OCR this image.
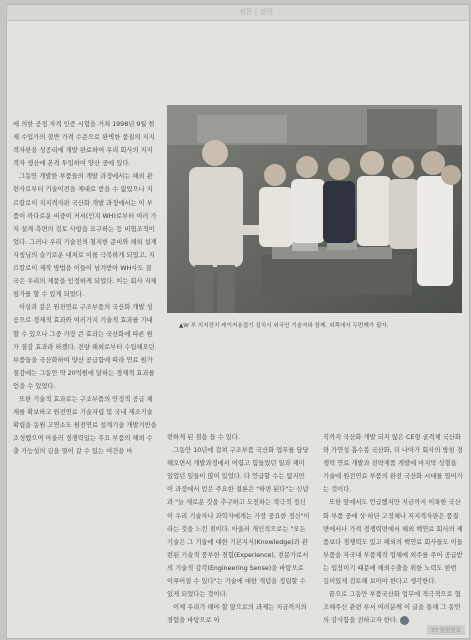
전문 | 전략

에 의한 공정 자격 인증 시험을 거쳐 1998년 9월 현재 수입가의 절반 가격 수준으로 완벽한 품질의 지지격자판을 성공리에 개발 완료하여 우리 회사의 지지격자 생산에 본격 투입하여 양산 중에 있다.

그동안 개발한 부품들의 개발 과정에서는 해외 관련사로부터 기술이전을 제대로 받을 수 없었으나 지르칼로이 지지격자판 국산화 개발 과정에서는 이 부품이 까다로운 비중이 커서(인지 WH)로부터 여러 가지 설계 측면의 검토 사항을 요구하는 등 비협조적이었다. 그러나 우리 기술진의 철저한 준비와 해외 설계 자칭님의 슬기로운 대처로 이를 극복하게 되었고, 지르칼로이 제작 방법을 이들이 넘겨받아 WH사도 결국은 우리의 제품을 인정하게 되었다. 이는 회사 자체 평가를 할 수 있게 되었다.

이상과 같은 원전연료 구조부품의 국산화 개발 성공으로 경제적 효과와 여러가지 기술적 효과를 기대할 수 있으나 그중 가장 큰 효과는 국산화에 따른 원가 절감 효과라 하겠다. 전량 해외로부터 수입해오던 부품들을 국산화하여 양산 공급함에 따라 연료 원가 절감에는 그동안 약 20억원에 달하는 경제적 효과를 얻을 수 있었다.

또한 기술적 효과로는 구조부품의 안정적 공급 체제를 확보하고 원전연료 기술자립 및 국내 제조기술 확립을 동원 고연소도 원전연료 설계기술 개발기반을 조성했으며 아울러 경쟁력있는 주요 부품의 해외 수출 가능성의 길을 열어 갈 수 있는 여건을 마

▲W 부 지지장치 레이저용접기 설치시 외국인 기술자와 함께. 외쪽에서 두번째가 필자.

련하게 된 점을 들 수 있다.

그동안 10년에 걸쳐 구조부품 국산화 업무를 담당해오면서 개발과정에서 어렵고 힘들었던 일과 재미 있었던 일들이 많이 있었다. 다 언급할 수는 없지만 이 과정에서 얻은 주요한 결론은 "하면 된다"는 신념과 "늘 새로운 것을 추구하고 도전하는 적극적 정신이 우리 기술자나 과학자에게는 가장 중요한 정신"이라는 것을 느낀 점이다. 아울러 개인적으로는 "모든 기술은 그 기술에 대한 기본지식(Knowledge)과 관련된 기술적 풍부한 경험(Experience), 전문가로서의 기술적 감각(Engineering Sense)을 바탕으로 이루어질 수 있다"는 기술에 대한 개념을 정립할 수 있게 되었다는 것이다.

이제 우리가 해야 할 앞으로의 과제는 지금까지의 경험을 바탕으로 아

직까지 국산화 개발 되지 않은 CE형 골격체 국산화와 가연성 흡수봉 국산화, 더 나아가 회사의 방침 경쟁력 연료 개발과 전략제품 개발에 마지막 성형을 기술에 원전연료 부품의 완전 국산화 시대를 열어가는 것이다.

또한 앞에서도 언급했지만 지금까지 이룩한 국산화 부품 중에 상·하단 고정체나 지지격자판은 품질면에서나 가격 경쟁력면에서 해외 핵연료 회사의 제품보다 경쟁력도 있고 해외의 핵연료 회사들도 이들 부품을 자국내 부품제작 업체에 외주를 주어 공급받는 입장이기 때문에 해외수출을 위한 노력도 한번 깊이있게 검토해 보아야 한다고 생각한다.

끝으로 그동안 부품국산화 업무에 적극적으로 협조해주신 관련 부서 여러분께 이 글을 통해 그 동안의 감사함을 전하고자 한다.

37 원전연료
